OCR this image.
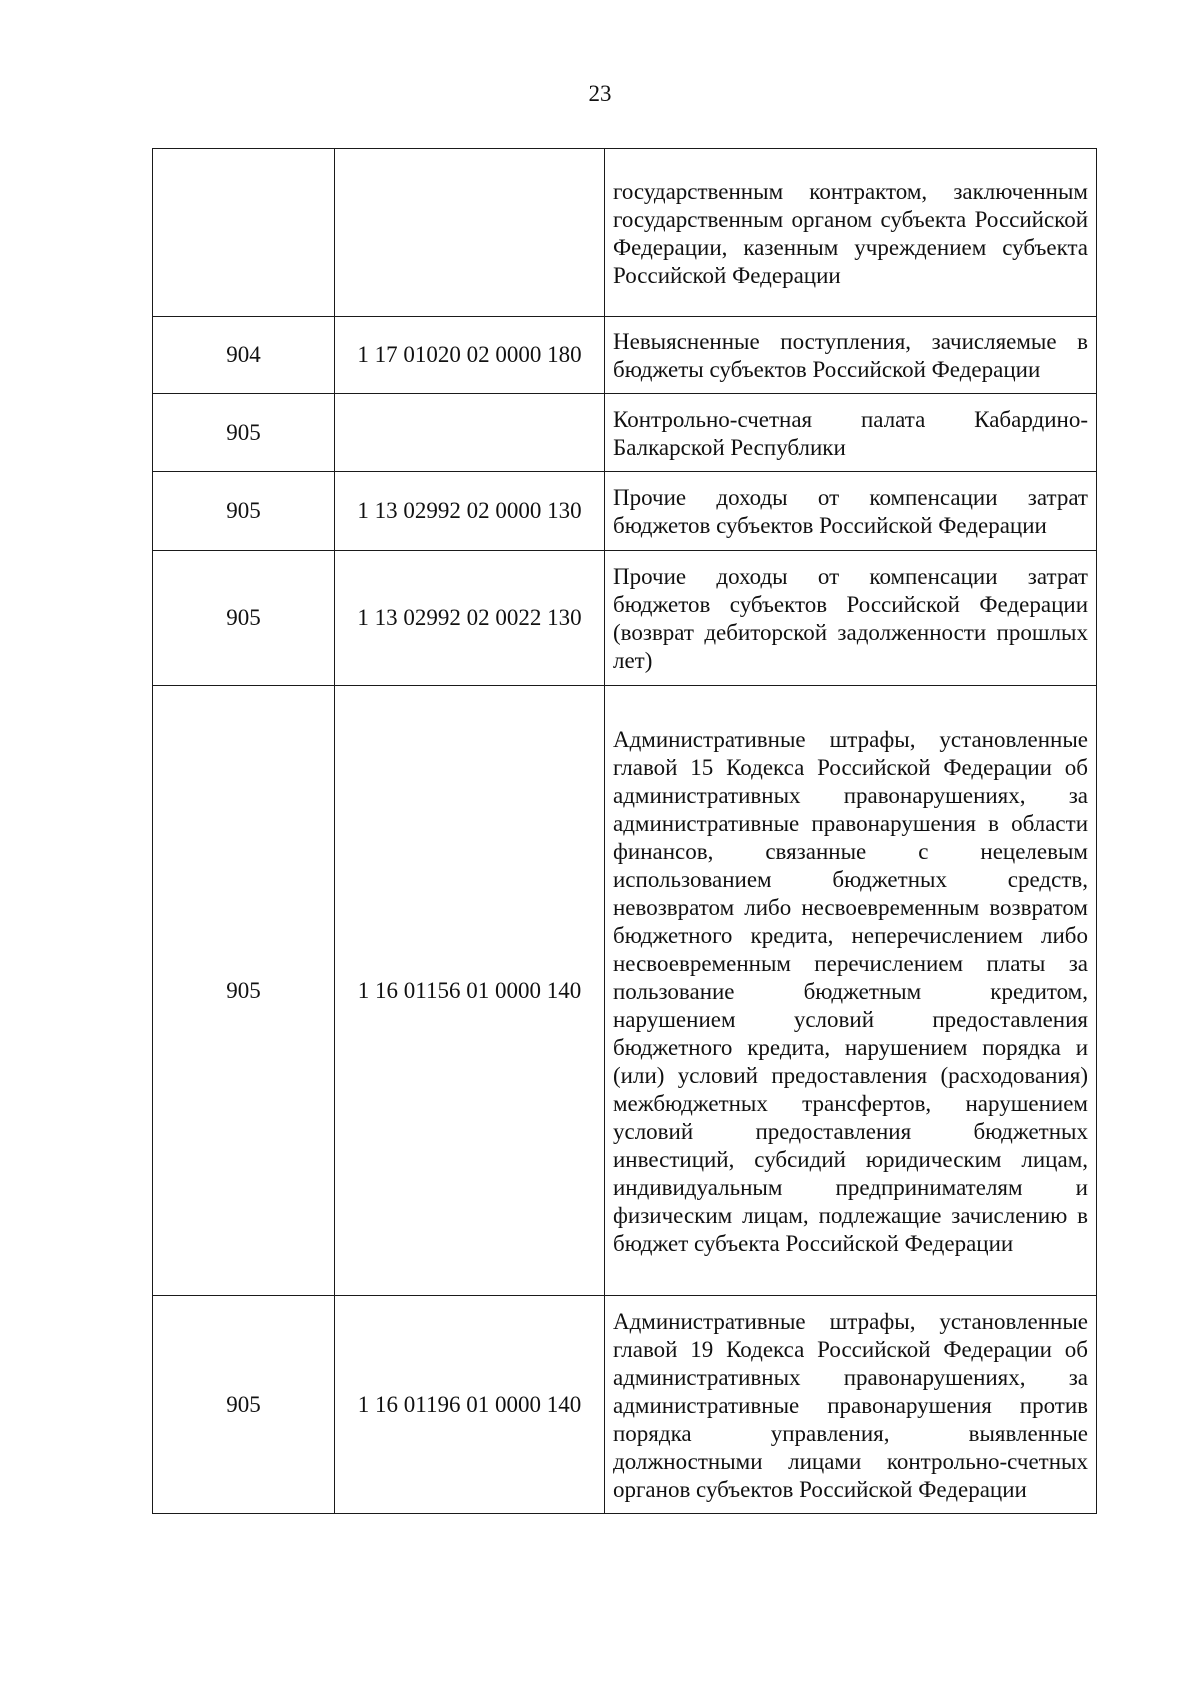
23

		государственным контрактом, заключенным государственным органом субъекта Российской Федерации, казенным учреждением субъекта Российской Федерации

904	1 17 01020 02 0000 180	Невыясненные поступления, зачисляемые в бюджеты субъектов Российской Федерации

905		Контрольно-счетная палата Кабардино-Балкарской Республики

905	1 13 02992 02 0000 130	Прочие доходы от компенсации затрат бюджетов субъектов Российской Федерации

905	1 13 02992 02 0022 130	Прочие доходы от компенсации затрат бюджетов субъектов Российской Федерации (возврат дебиторской задолженности прошлых лет)

905	1 16 01156 01 0000 140	Административные штрафы, установленные главой 15 Кодекса Российской Федерации об административных правонарушениях, за административные правонарушения в области финансов, связанные с нецелевым использованием бюджетных средств, невозвратом либо несвоевременным возвратом бюджетного кредита, неперечислением либо несвоевременным перечислением платы за пользование бюджетным кредитом, нарушением условий предоставления бюджетного кредита, нарушением порядка и (или) условий предоставления (расходования) межбюджетных трансфертов, нарушением условий предоставления бюджетных инвестиций, субсидий юридическим лицам, индивидуальным предпринимателям и физическим лицам, подлежащие зачислению в бюджет субъекта Российской Федерации

905	1 16 01196 01 0000 140	Административные штрафы, установленные главой 19 Кодекса Российской Федерации об административных правонарушениях, за административные правонарушения против порядка управления, выявленные должностными лицами контрольно-счетных органов субъектов Российской Федерации
